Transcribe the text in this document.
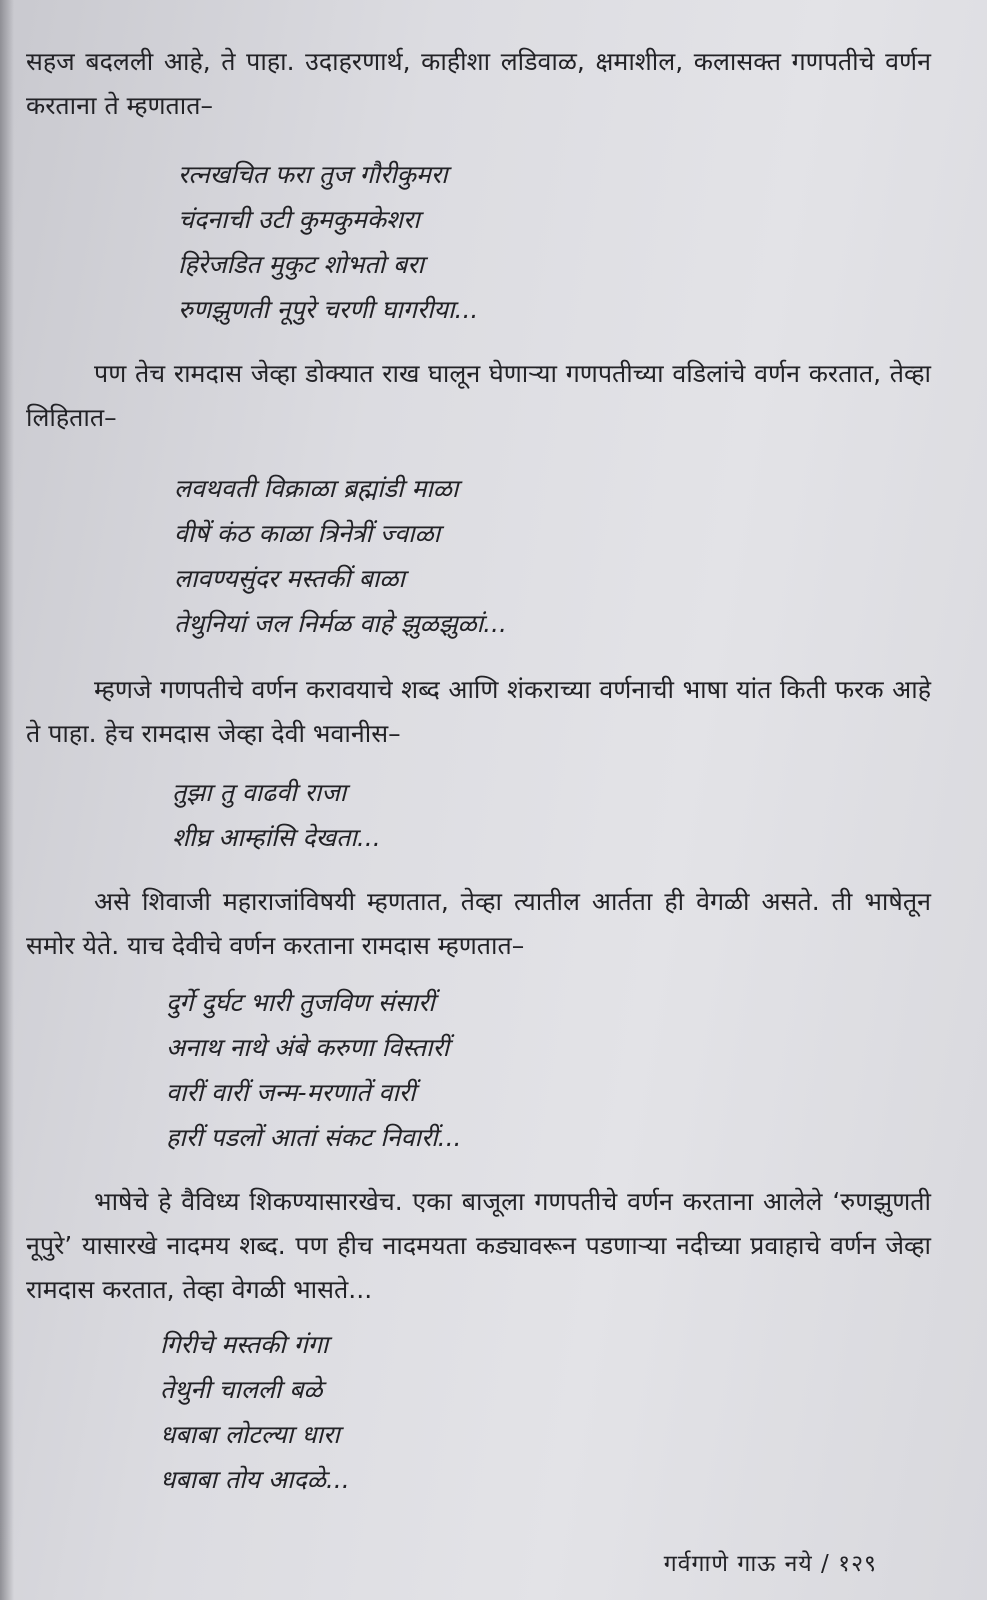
सहज बदलली आहे, ते पाहा. उदाहरणार्थ, काहीशा लडिवाळ, क्षमाशील, कलासक्त गणपतीचे वर्णन करताना ते म्हणतात–

रत्नखचित फरा तुज गौरीकुमरा
चंदनाची उटी कुमकुमकेशरा
हिरेजडित मुकुट शोभतो बरा
रुणझुणती नूपुरे चरणी घागरीया...

पण तेच रामदास जेव्हा डोक्यात राख घालून घेणाऱ्या गणपतीच्या वडिलांचे वर्णन करतात, तेव्हा लिहितात–

लवथवती विक्राळा ब्रह्मांडी माळा
वीषें कंठ काळा त्रिनेत्रीं ज्वाळा
लावण्यसुंदर मस्तकीं बाळा
तेथुनियां जल निर्मळ वाहे झुळझुळां...

म्हणजे गणपतीचे वर्णन करावयाचे शब्द आणि शंकराच्या वर्णनाची भाषा यांत किती फरक आहे ते पाहा. हेच रामदास जेव्हा देवी भवानीस–

तुझा तु वाढवी राजा
शीघ्र आम्हांसि देखता...

असे शिवाजी महाराजांविषयी म्हणतात, तेव्हा त्यातील आर्तता ही वेगळी असते. ती भाषेतून समोर येते. याच देवीचे वर्णन करताना रामदास म्हणतात–

दुर्गे दुर्घट भारी तुजविण संसारीं
अनाथ नाथे अंबे करुणा विस्तारीं
वारीं वारीं जन्म-मरणातें वारीं
हारीं पडलों आतां संकट निवारीं...

भाषेचे हे वैविध्य शिकण्यासारखेच. एका बाजूला गणपतीचे वर्णन करताना आलेले ‘रुणझुणती नूपुरे’ यासारखे नादमय शब्द. पण हीच नादमयता कड्यावरून पडणाऱ्या नदीच्या प्रवाहाचे वर्णन जेव्हा रामदास करतात, तेव्हा वेगळी भासते...

गिरीचे मस्तकी गंगा
तेथुनी चालली बळे
धबाबा लोटल्या धारा
धबाबा तोय आदळे...
गर्वगाणे गाऊ नये / १२९
